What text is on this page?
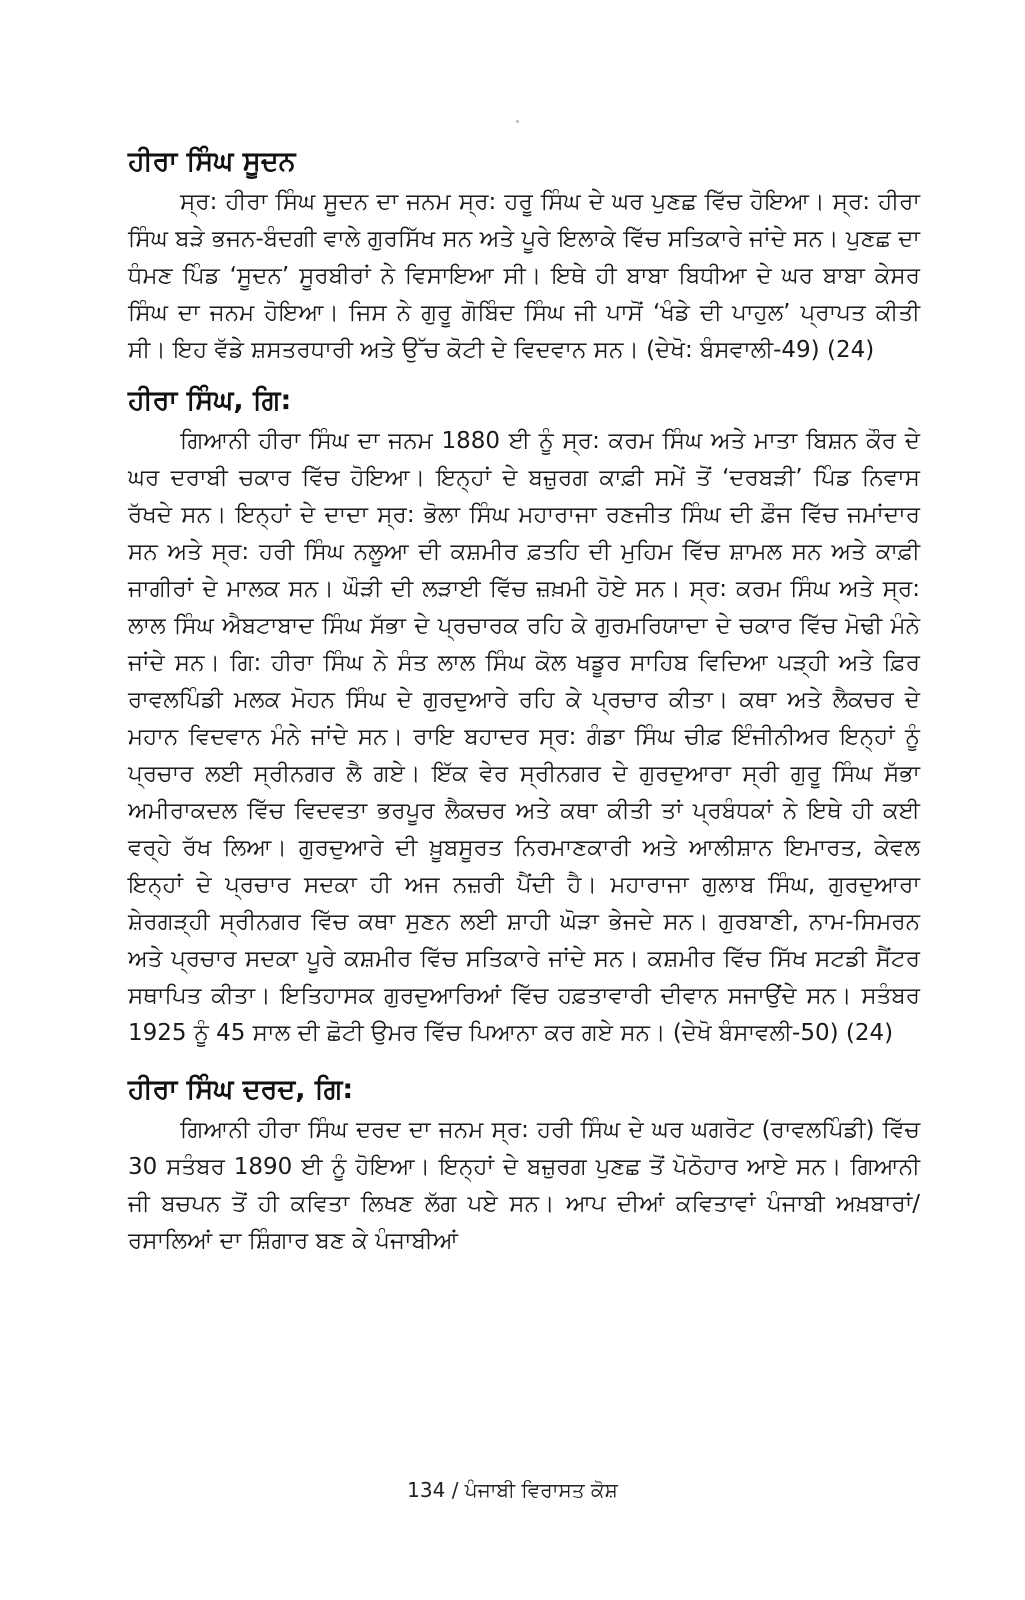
ਹੀਰਾ ਸਿੰਘ ਸੂਦਨ

ਸ੍ਰ: ਹੀਰਾ ਸਿੰਘ ਸੂਦਨ ਦਾ ਜਨਮ ਸ੍ਰ: ਹਰੂ ਸਿੰਘ ਦੇ ਘਰ ਪੁਣਛ ਵਿੱਚ ਹੋਇਆ। ਸ੍ਰ: ਹੀਰਾ ਸਿੰਘ ਬੜੇ ਭਜਨ-ਬੰਦਗੀ ਵਾਲੇ ਗੁਰਸਿੱਖ ਸਨ ਅਤੇ ਪੂਰੇ ਇਲਾਕੇ ਵਿੱਚ ਸਤਿਕਾਰੇ ਜਾਂਦੇ ਸਨ। ਪੁਣਛ ਦਾ ਧੰਮਣ ਪਿੰਡ ‘ਸੂਦਨ’ ਸੂਰਬੀਰਾਂ ਨੇ ਵਿਸਾਇਆ ਸੀ। ਇਥੇ ਹੀ ਬਾਬਾ ਬਿਧੀਆ ਦੇ ਘਰ ਬਾਬਾ ਕੇਸਰ ਸਿੰਘ ਦਾ ਜਨਮ ਹੋਇਆ। ਜਿਸ ਨੇ ਗੁਰੂ ਗੋਬਿੰਦ ਸਿੰਘ ਜੀ ਪਾਸੋਂ ‘ਖੰਡੇ ਦੀ ਪਾਹੁਲ’ ਪ੍ਰਾਪਤ ਕੀਤੀ ਸੀ। ਇਹ ਵੱਡੇ ਸ਼ਸਤਰਧਾਰੀ ਅਤੇ ਉੱਚ ਕੋਟੀ ਦੇ ਵਿਦਵਾਨ ਸਨ। (ਦੇਖੋ: ਬੰਸਵਾਲੀ-49) (24)

ਹੀਰਾ ਸਿੰਘ, ਗਿ:

ਗਿਆਨੀ ਹੀਰਾ ਸਿੰਘ ਦਾ ਜਨਮ 1880 ਈ ਨੂੰ ਸ੍ਰ: ਕਰਮ ਸਿੰਘ ਅਤੇ ਮਾਤਾ ਬਿਸ਼ਨ ਕੌਰ ਦੇ ਘਰ ਦਰਾਬੀ ਚਕਾਰ ਵਿੱਚ ਹੋਇਆ। ਇਨ੍ਹਾਂ ਦੇ ਬਜ਼ੁਰਗ ਕਾਫ਼ੀ ਸਮੇਂ ਤੋਂ ‘ਦਰਬੜੀ’ ਪਿੰਡ ਨਿਵਾਸ ਰੱਖਦੇ ਸਨ। ਇਨ੍ਹਾਂ ਦੇ ਦਾਦਾ ਸ੍ਰ: ਭੋਲਾ ਸਿੰਘ ਮਹਾਰਾਜਾ ਰਣਜੀਤ ਸਿੰਘ ਦੀ ਫ਼ੌਜ ਵਿੱਚ ਜਮਾਂਦਾਰ ਸਨ ਅਤੇ ਸ੍ਰ: ਹਰੀ ਸਿੰਘ ਨਲੂਆ ਦੀ ਕਸ਼ਮੀਰ ਫ਼ਤਹਿ ਦੀ ਮੁਹਿਮ ਵਿੱਚ ਸ਼ਾਮਲ ਸਨ ਅਤੇ ਕਾਫ਼ੀ ਜਾਗੀਰਾਂ ਦੇ ਮਾਲਕ ਸਨ। ਘੌੜੀ ਦੀ ਲੜਾਈ ਵਿੱਚ ਜ਼ਖ਼ਮੀ ਹੋਏ ਸਨ। ਸ੍ਰ: ਕਰਮ ਸਿੰਘ ਅਤੇ ਸ੍ਰ: ਲਾਲ ਸਿੰਘ ਐਬਟਾਬਾਦ ਸਿੰਘ ਸੱਭਾ ਦੇ ਪ੍ਰਚਾਰਕ ਰਹਿ ਕੇ ਗੁਰਮਰਿਯਾਦਾ ਦੇ ਚਕਾਰ ਵਿੱਚ ਮੋਢੀ ਮੰਨੇ ਜਾਂਦੇ ਸਨ। ਗਿ: ਹੀਰਾ ਸਿੰਘ ਨੇ ਸੰਤ ਲਾਲ ਸਿੰਘ ਕੋਲ ਖਡੂਰ ਸਾਹਿਬ ਵਿਦਿਆ ਪੜ੍ਹੀ ਅਤੇ ਫ਼ਿਰ ਰਾਵਲਪਿੰਡੀ ਮਲਕ ਮੋਹਨ ਸਿੰਘ ਦੇ ਗੁਰਦੁਆਰੇ ਰਹਿ ਕੇ ਪ੍ਰਚਾਰ ਕੀਤਾ। ਕਥਾ ਅਤੇ ਲੈਕਚਰ ਦੇ ਮਹਾਨ ਵਿਦਵਾਨ ਮੰਨੇ ਜਾਂਦੇ ਸਨ। ਰਾਇ ਬਹਾਦਰ ਸ੍ਰ: ਗੰਡਾ ਸਿੰਘ ਚੀਫ਼ ਇੰਜੀਨੀਅਰ ਇਨ੍ਹਾਂ ਨੂੰ ਪ੍ਰਚਾਰ ਲਈ ਸ੍ਰੀਨਗਰ ਲੈ ਗਏ। ਇੱਕ ਵੇਰ ਸ੍ਰੀਨਗਰ ਦੇ ਗੁਰਦੁਆਰਾ ਸ੍ਰੀ ਗੁਰੂ ਸਿੰਘ ਸੱਭਾ ਅਮੀਰਾਕਦਲ ਵਿੱਚ ਵਿਦਵਤਾ ਭਰਪੂਰ ਲੈਕਚਰ ਅਤੇ ਕਥਾ ਕੀਤੀ ਤਾਂ ਪ੍ਰਬੰਧਕਾਂ ਨੇ ਇਥੇ ਹੀ ਕਈ ਵਰ੍ਹੇ ਰੱਖ ਲਿਆ। ਗੁਰਦੁਆਰੇ ਦੀ ਖ਼ੂਬਸੂਰਤ ਨਿਰਮਾਣਕਾਰੀ ਅਤੇ ਆਲੀਸ਼ਾਨ ਇਮਾਰਤ, ਕੇਵਲ ਇਨ੍ਹਾਂ ਦੇ ਪ੍ਰਚਾਰ ਸਦਕਾ ਹੀ ਅਜ ਨਜ਼ਰੀ ਪੈਂਦੀ ਹੈ। ਮਹਾਰਾਜਾ ਗੁਲਾਬ ਸਿੰਘ, ਗੁਰਦੁਆਰਾ ਸ਼ੇਰਗੜ੍ਹੀ ਸ੍ਰੀਨਗਰ ਵਿੱਚ ਕਥਾ ਸੁਣਨ ਲਈ ਸ਼ਾਹੀ ਘੋੜਾ ਭੇਜਦੇ ਸਨ। ਗੁਰਬਾਣੀ, ਨਾਮ-ਸਿਮਰਨ ਅਤੇ ਪ੍ਰਚਾਰ ਸਦਕਾ ਪੂਰੇ ਕਸ਼ਮੀਰ ਵਿੱਚ ਸਤਿਕਾਰੇ ਜਾਂਦੇ ਸਨ। ਕਸ਼ਮੀਰ ਵਿੱਚ ਸਿੱਖ ਸਟਡੀ ਸੈਂਟਰ ਸਥਾਪਿਤ ਕੀਤਾ। ਇਤਿਹਾਸਕ ਗੁਰਦੁਆਰਿਆਂ ਵਿੱਚ ਹਫ਼ਤਾਵਾਰੀ ਦੀਵਾਨ ਸਜਾਉਂਦੇ ਸਨ। ਸਤੰਬਰ 1925 ਨੂੰ 45 ਸਾਲ ਦੀ ਛੋਟੀ ਉਮਰ ਵਿੱਚ ਪਿਆਨਾ ਕਰ ਗਏ ਸਨ। (ਦੇਖੋ ਬੰਸਾਵਲੀ-50) (24)

ਹੀਰਾ ਸਿੰਘ ਦਰਦ, ਗਿ:

ਗਿਆਨੀ ਹੀਰਾ ਸਿੰਘ ਦਰਦ ਦਾ ਜਨਮ ਸ੍ਰ: ਹਰੀ ਸਿੰਘ ਦੇ ਘਰ ਘਗਰੋਟ (ਰਾਵਲਪਿੰਡੀ) ਵਿੱਚ 30 ਸਤੰਬਰ 1890 ਈ ਨੂੰ ਹੋਇਆ। ਇਨ੍ਹਾਂ ਦੇ ਬਜ਼ੁਰਗ ਪੁਣਛ ਤੋਂ ਪੋਠੋਹਾਰ ਆਏ ਸਨ। ਗਿਆਨੀ ਜੀ ਬਚਪਨ ਤੋਂ ਹੀ ਕਵਿਤਾ ਲਿਖਣ ਲੱਗ ਪਏ ਸਨ। ਆਪ ਦੀਆਂ ਕਵਿਤਾਵਾਂ ਪੰਜਾਬੀ ਅਖ਼ਬਾਰਾਂ/ਰਸਾਲਿਆਂ ਦਾ ਸ਼ਿੰਗਾਰ ਬਣ ਕੇ ਪੰਜਾਬੀਆਂ

134 / ਪੰਜਾਬੀ ਵਿਰਾਸਤ ਕੋਸ਼
